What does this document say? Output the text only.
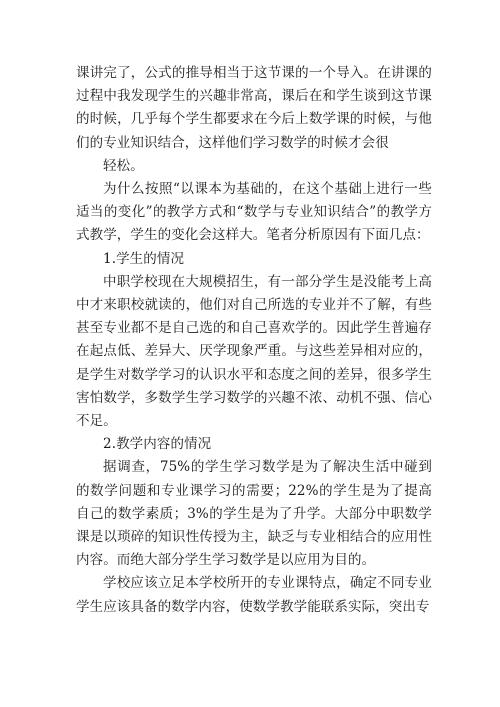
课讲完了，公式的推导相当于这节课的一个导入。在讲课的过程中我发现学生的兴趣非常高，课后在和学生谈到这节课的时候，几乎每个学生都要求在今后上数学课的时候，与他们的专业知识结合，这样他们学习数学的时候才会很

轻松。

为什么按照“以课本为基础的，在这个基础上进行一些适当的变化”的教学方式和“数学与专业知识结合”的教学方式教学，学生的变化会这样大。笔者分析原因有下面几点：

1.学生的情况

中职学校现在大规模招生，有一部分学生是没能考上高中才来职校就读的，他们对自己所选的专业并不了解，有些甚至专业都不是自己选的和自己喜欢学的。因此学生普遍存在起点低、差异大、厌学现象严重。与这些差异相对应的，是学生对数学学习的认识水平和态度之间的差异，很多学生害怕数学，多数学生学习数学的兴趣不浓、动机不强、信心不足。

2.教学内容的情况

据调查，75%的学生学习数学是为了解决生活中碰到的数学问题和专业课学习的需要；22%的学生是为了提高自己的数学素质；3%的学生是为了升学。大部分中职数学课是以琐碎的知识性传授为主，缺乏与专业相结合的应用性内容。而绝大部分学生学习数学是以应用为目的。

学校应该立足本学校所开的专业课特点，确定不同专业学生应该具备的数学内容，使数学教学能联系实际，突出专
